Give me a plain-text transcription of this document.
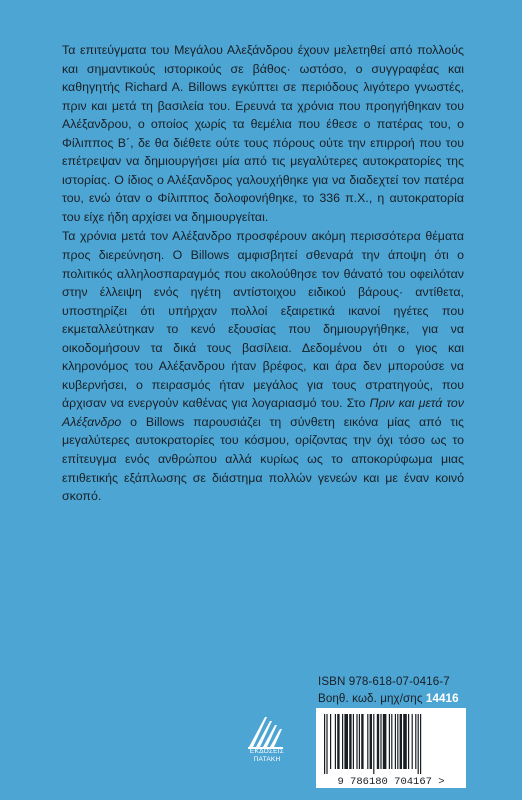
Τα επιτεύγματα του Μεγάλου Αλεξάνδρου έχουν μελετηθεί από πολλούς και σημαντικούς ιστορικούς σε βάθος· ωστόσο, ο συγγραφέας και καθηγητής Richard A. Billows εγκύπτει σε περιόδους λιγότερο γνωστές, πριν και μετά τη βασιλεία του. Ερευνά τα χρόνια που προηγήθηκαν του Αλέξανδρου, ο οποίος χωρίς τα θεμέλια που έθεσε ο πατέρας του, ο Φίλιππος Β΄, δε θα διέθετε ούτε τους πόρους ούτε την επιρροή που του επέτρεψαν να δημιουργήσει μία από τις μεγαλύτερες αυτοκρατορίες της ιστορίας. Ο ίδιος ο Αλέξανδρος γαλουχήθηκε για να διαδεχτεί τον πατέρα του, ενώ όταν ο Φίλιππος δολοφονήθηκε, το 336 π.Χ., η αυτοκρατορία του είχε ήδη αρχίσει να δημιουργείται.

Τα χρόνια μετά τον Αλέξανδρο προσφέρουν ακόμη περισσότερα θέματα προς διερεύνηση. Ο Billows αμφισβητεί σθεναρά την άποψη ότι ο πολιτικός αλληλοσπαραγμός που ακολούθησε τον θάνατό του οφειλόταν στην έλλειψη ενός ηγέτη αντίστοιχου ειδικού βάρους· αντίθετα, υποστηρίζει ότι υπήρχαν πολλοί εξαιρετικά ικανοί ηγέτες που εκμεταλλεύτηκαν το κενό εξουσίας που δημιουργήθηκε, για να οικοδομήσουν τα δικά τους βασίλεια. Δεδομένου ότι ο γιος και κληρονόμος του Αλέξανδρου ήταν βρέφος, και άρα δεν μπορούσε να κυβερνήσει, ο πειρασμός ήταν μεγάλος για τους στρατηγούς, που άρχισαν να ενεργούν καθένας για λογαριασμό του. Στο Πριν και μετά τον Αλέξανδρο ο Billows παρουσιάζει τη σύνθετη εικόνα μίας από τις μεγαλύτερες αυτοκρατορίες του κόσμου, ορίζοντας την όχι τόσο ως το επίτευγμα ενός ανθρώπου αλλά κυρίως ως το αποκορύφωμα μιας επιθετικής εξάπλωσης σε διάστημα πολλών γενεών και με έναν κοινό σκοπό.

ISBN 978-618-07-0416-7
Βοηθ. κωδ. μηχ/σης 14416
ΕΚΔΟΣΕΙΣ
ΠΑΤΑΚΗ
9 786180 704167 >
